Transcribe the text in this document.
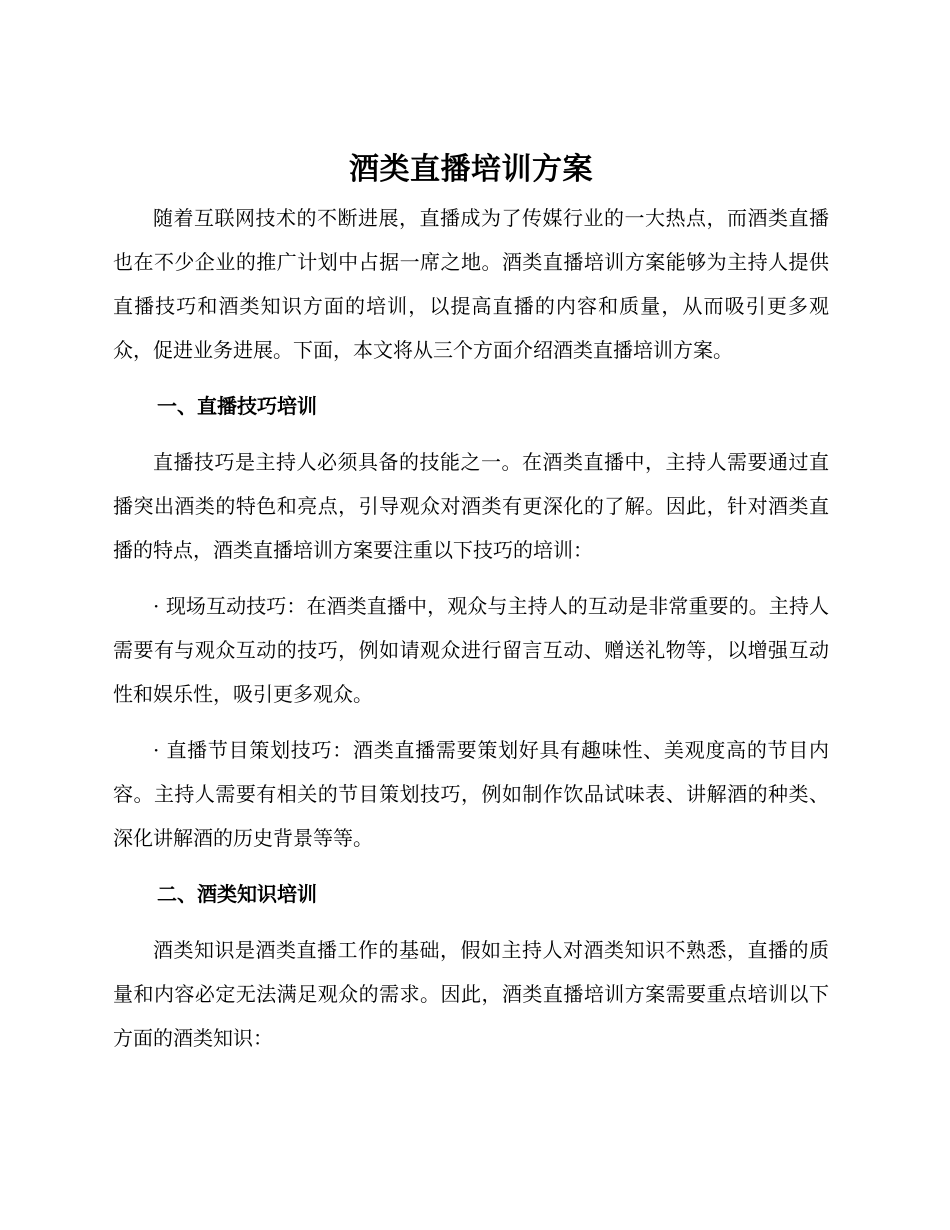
酒类直播培训方案

随着互联网技术的不断进展，直播成为了传媒行业的一大热点，而酒类直播也在不少企业的推广计划中占据一席之地。酒类直播培训方案能够为主持人提供直播技巧和酒类知识方面的培训，以提高直播的内容和质量，从而吸引更多观众，促进业务进展。下面，本文将从三个方面介绍酒类直播培训方案。

一、直播技巧培训

直播技巧是主持人必须具备的技能之一。在酒类直播中，主持人需要通过直播突出酒类的特色和亮点，引导观众对酒类有更深化的了解。因此，针对酒类直播的特点，酒类直播培训方案要注重以下技巧的培训：

· 现场互动技巧：在酒类直播中，观众与主持人的互动是非常重要的。主持人需要有与观众互动的技巧，例如请观众进行留言互动、赠送礼物等，以增强互动性和娱乐性，吸引更多观众。

· 直播节目策划技巧：酒类直播需要策划好具有趣味性、美观度高的节目内容。主持人需要有相关的节目策划技巧，例如制作饮品试味表、讲解酒的种类、深化讲解酒的历史背景等等。

二、酒类知识培训

酒类知识是酒类直播工作的基础，假如主持人对酒类知识不熟悉，直播的质量和内容必定无法满足观众的需求。因此，酒类直播培训方案需要重点培训以下方面的酒类知识：
